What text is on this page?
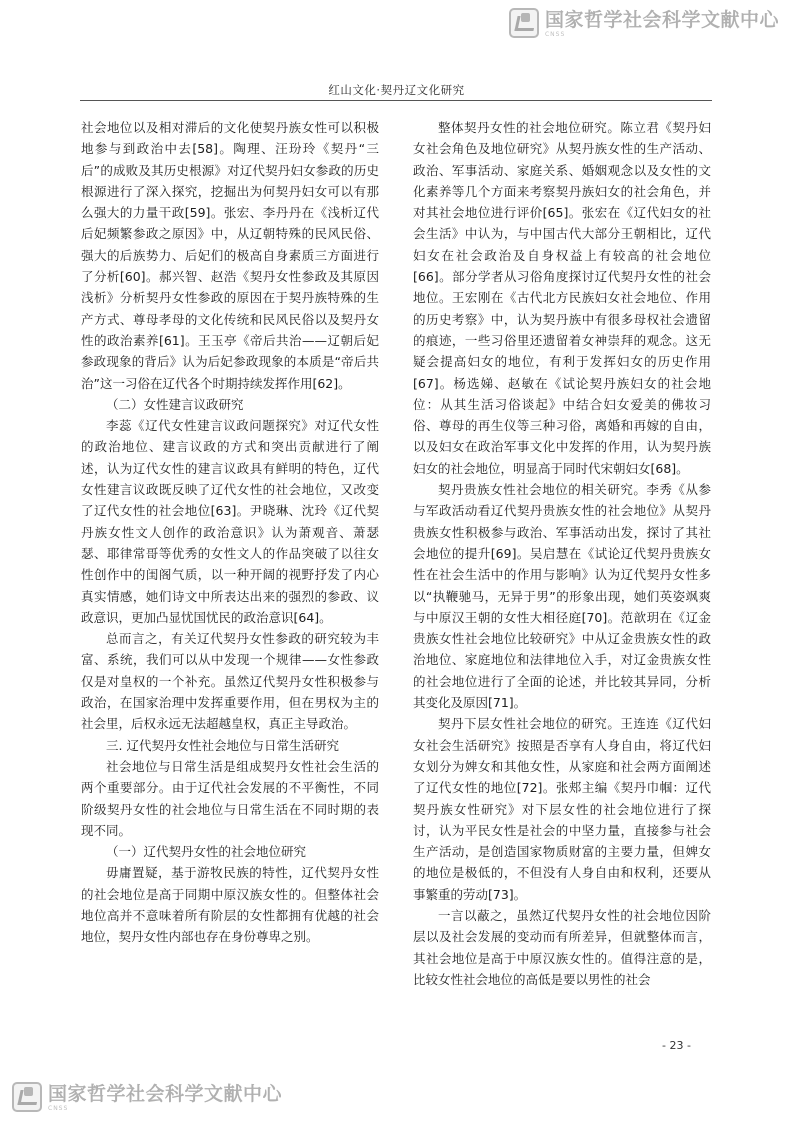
国家哲学社会科学文献中心
CNSS
红山文化·契丹辽文化研究

社会地位以及相对滞后的文化使契丹族女性可以积极地参与到政治中去[58]。陶理、汪玢玲《契丹“三后”的成败及其历史根源》对辽代契丹妇女参政的历史根源进行了深入探究，挖掘出为何契丹妇女可以有那么强大的力量干政[59]。张宏、李丹丹在《浅析辽代后妃频繁参政之原因》中，从辽朝特殊的民风民俗、强大的后族势力、后妃们的极高自身素质三方面进行了分析[60]。郝兴智、赵浩《契丹女性参政及其原因浅析》分析契丹女性参政的原因在于契丹族特殊的生产方式、尊母孝母的文化传统和民风民俗以及契丹女性的政治素养[61]。王玉亭《帝后共治——辽朝后妃参政现象的背后》认为后妃参政现象的本质是“帝后共治”这一习俗在辽代各个时期持续发挥作用[62]。

（二）女性建言议政研究

李蕊《辽代女性建言议政问题探究》对辽代女性的政治地位、建言议政的方式和突出贡献进行了阐述，认为辽代女性的建言议政具有鲜明的特色，辽代女性建言议政既反映了辽代女性的社会地位，又改变了辽代女性的社会地位[63]。尹晓琳、沈玲《辽代契丹族女性文人创作的政治意识》认为萧观音、萧瑟瑟、耶律常哥等优秀的女性文人的作品突破了以往女性创作中的闺阁气质，以一种开阔的视野抒发了内心真实情感，她们诗文中所表达出来的强烈的参政、议政意识，更加凸显忧国忧民的政治意识[64]。

总而言之，有关辽代契丹女性参政的研究较为丰富、系统，我们可以从中发现一个规律——女性参政仅是对皇权的一个补充。虽然辽代契丹女性积极参与政治，在国家治理中发挥重要作用，但在男权为主的社会里，后权永远无法超越皇权，真正主导政治。

三. 辽代契丹女性社会地位与日常生活研究

社会地位与日常生活是组成契丹女性社会生活的两个重要部分。由于辽代社会发展的不平衡性，不同阶级契丹女性的社会地位与日常生活在不同时期的表现不同。

（一）辽代契丹女性的社会地位研究

毋庸置疑，基于游牧民族的特性，辽代契丹女性的社会地位是高于同期中原汉族女性的。但整体社会地位高并不意味着所有阶层的女性都拥有优越的社会地位，契丹女性内部也存在身份尊卑之别。

整体契丹女性的社会地位研究。陈立君《契丹妇女社会角色及地位研究》从契丹族女性的生产活动、政治、军事活动、家庭关系、婚姻观念以及女性的文化素养等几个方面来考察契丹族妇女的社会角色，并对其社会地位进行评价[65]。张宏在《辽代妇女的社会生活》中认为，与中国古代大部分王朝相比，辽代妇女在社会政治及自身权益上有较高的社会地位[66]。部分学者从习俗角度探讨辽代契丹女性的社会地位。王宏刚在《古代北方民族妇女社会地位、作用的历史考察》中，认为契丹族中有很多母权社会遗留的痕迹，一些习俗里还遗留着女神崇拜的观念。这无疑会提高妇女的地位，有利于发挥妇女的历史作用[67]。杨选娣、赵敏在《试论契丹族妇女的社会地位：从其生活习俗谈起》中结合妇女爱美的佛妆习俗、尊母的再生仪等三种习俗，离婚和再嫁的自由，以及妇女在政治军事文化中发挥的作用，认为契丹族妇女的社会地位，明显高于同时代宋朝妇女[68]。

契丹贵族女性社会地位的相关研究。李秀《从参与军政活动看辽代契丹贵族女性的社会地位》从契丹贵族女性积极参与政治、军事活动出发，探讨了其社会地位的提升[69]。吴启慧在《试论辽代契丹贵族女性在社会生活中的作用与影响》认为辽代契丹女性多以“执鞭驰马，无异于男”的形象出现，她们英姿飒爽与中原汉王朝的女性大相径庭[70]。范歆玥在《辽金贵族女性社会地位比较研究》中从辽金贵族女性的政治地位、家庭地位和法律地位入手，对辽金贵族女性的社会地位进行了全面的论述，并比较其异同，分析其变化及原因[71]。

契丹下层女性社会地位的研究。王连连《辽代妇女社会生活研究》按照是否享有人身自由，将辽代妇女划分为婢女和其他女性，从家庭和社会两方面阐述了辽代女性的地位[72]。张郏主编《契丹巾帼：辽代契丹族女性研究》对下层女性的社会地位进行了探讨，认为平民女性是社会的中坚力量，直接参与社会生产活动，是创造国家物质财富的主要力量，但婢女的地位是极低的，不但没有人身自由和权利，还要从事繁重的劳动[73]。

一言以蔽之，虽然辽代契丹女性的社会地位因阶层以及社会发展的变动而有所差异，但就整体而言，其社会地位是高于中原汉族女性的。值得注意的是，比较女性社会地位的高低是要以男性的社会

- 23 -
国家哲学社会科学文献中心
CNSS
